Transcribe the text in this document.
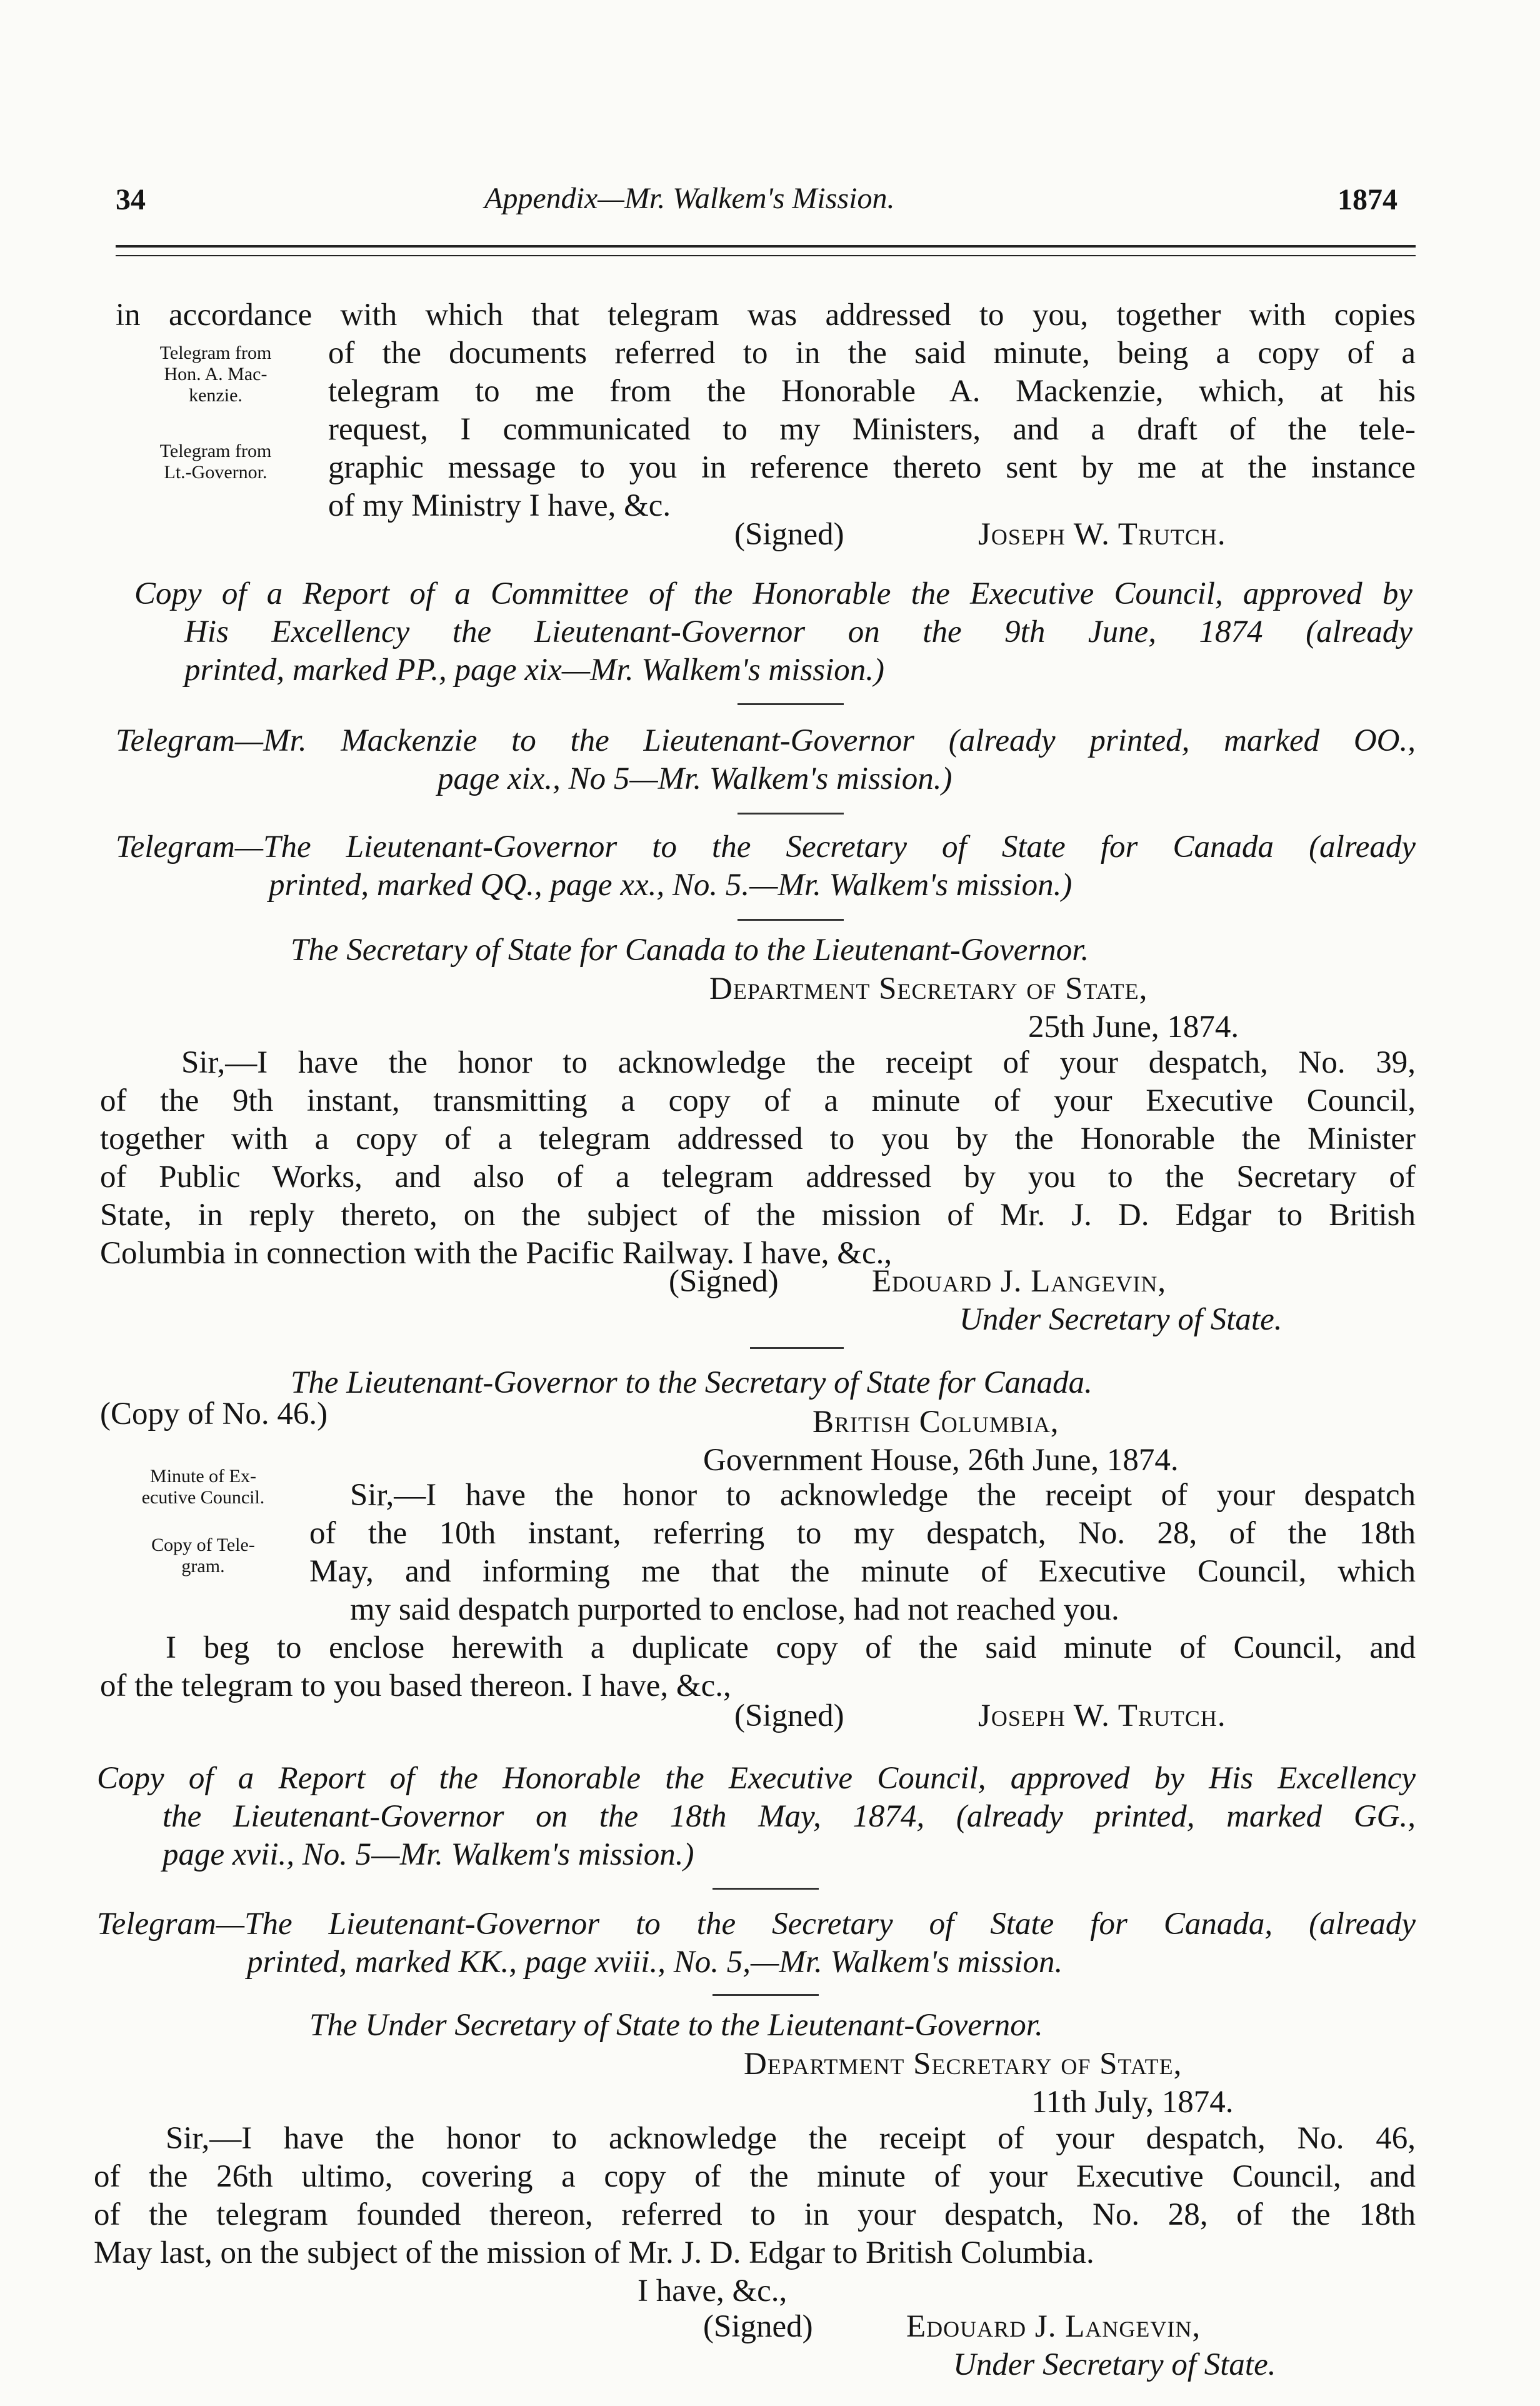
34	Appendix—Mr. Walkem's Mission.	1874
in accordance with which that telegram was addressed to you, together with copies
of the documents referred to in the said minute, being a copy of a
telegram to me from the Honorable A. Mackenzie, which, at his
request, I communicated to my Ministers, and a draft of the tele-
graphic message to you in reference thereto sent by me at the instance
of my Ministry I have, &c.
(Signed)	Joseph W. Trutch.
Telegram from
Hon. A. Mac-
kenzie.
Telegram from
Lt.-Governor.
Copy of a Report of a Committee of the Honorable the Executive Council, approved by
His Excellency the Lieutenant-Governor on the 9th June, 1874 (already
printed, marked PP., page xix—Mr. Walkem's mission.)
Telegram—Mr. Mackenzie to the Lieutenant-Governor (already printed, marked OO.,
page xix., No 5—Mr. Walkem's mission.)
Telegram—The Lieutenant-Governor to the Secretary of State for Canada (already
printed, marked QQ., page xx., No. 5.—Mr. Walkem's mission.)
The Secretary of State for Canada to the Lieutenant-Governor.
Department Secretary of State,
25th June, 1874.
Sir,—I have the honor to acknowledge the receipt of your despatch, No. 39,
of the 9th instant, transmitting a copy of a minute of your Executive Council,
together with a copy of a telegram addressed to you by the Honorable the Minister
of Public Works, and also of a telegram addressed by you to the Secretary of
State, in reply thereto, on the subject of the mission of Mr. J. D. Edgar to British
Columbia in connection with the Pacific Railway. I have, &c.,
(Signed)	Edouard J. Langevin,
Under Secretary of State.
The Lieutenant-Governor to the Secretary of State for Canada.
(Copy of No. 46.)	British Columbia,
Government House, 26th June, 1874.
Sir,—I have the honor to acknowledge the receipt of your despatch
of the 10th instant, referring to my despatch, No. 28, of the 18th
May, and informing me that the minute of Executive Council, which
my said despatch purported to enclose, had not reached you.
I beg to enclose herewith a duplicate copy of the said minute of Council, and
of the telegram to you based thereon. I have, &c.,
(Signed)	Joseph W. Trutch.
Minute of Ex-
ecutive Council.
Copy of Tele-
gram.
Copy of a Report of the Honorable the Executive Council, approved by His Excellency
the Lieutenant-Governor on the 18th May, 1874, (already printed, marked GG.,
page xvii., No. 5—Mr. Walkem's mission.)
Telegram—The Lieutenant-Governor to the Secretary of State for Canada, (already
printed, marked KK., page xviii., No. 5,—Mr. Walkem's mission.
The Under Secretary of State to the Lieutenant-Governor.
Department Secretary of State,
11th July, 1874.
Sir,—I have the honor to acknowledge the receipt of your despatch, No. 46,
of the 26th ultimo, covering a copy of the minute of your Executive Council, and
of the telegram founded thereon, referred to in your despatch, No. 28, of the 18th
May last, on the subject of the mission of Mr. J. D. Edgar to British Columbia.
I have, &c.,
(Signed)	Edouard J. Langevin,
Under Secretary of State.
